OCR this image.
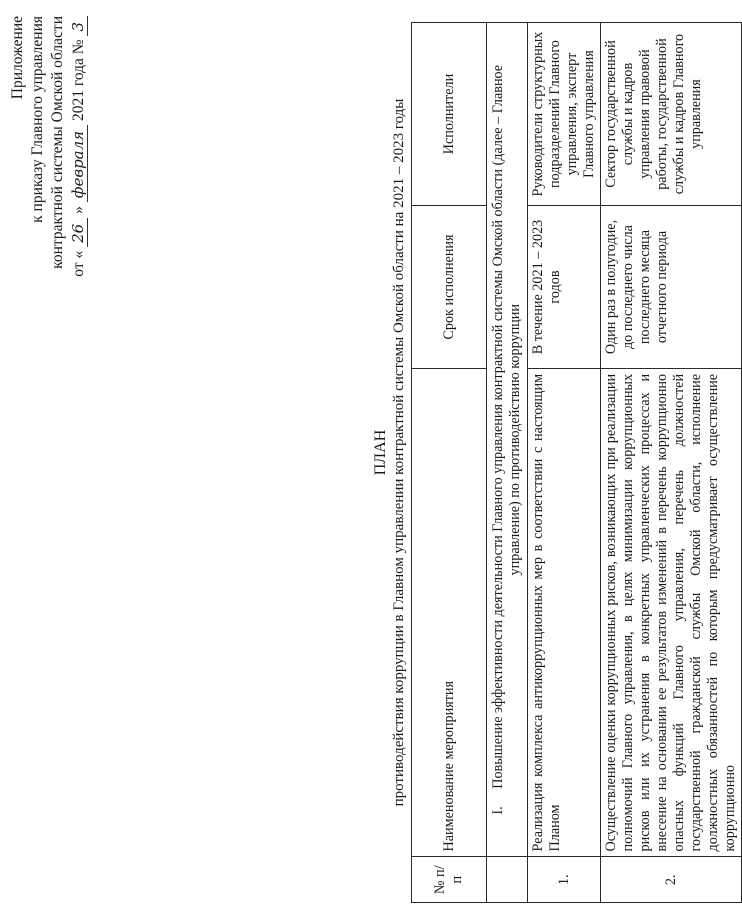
Приложение к приказу Главного управления контрактной системы Омской области от « 26 » февраля 2021 года № 3
ПЛАН противодействия коррупции в Главном управлении контрактной системы Омской области на 2021 – 2023 годы
№ п/п	Наименование мероприятия	Срок исполнения	Исполнители
	I. Повышение эффективности деятельности Главного управления контрактной системы Омской области (далее – Главное управление) по противодействию коррупции		
1.	Реализация комплекса антикоррупционных мер в соответствии с настоящим Планом	В течение 2021 – 2023 годов	Руководители структурных подразделений Главного управления, эксперт Главного управления
2.	Осуществление оценки коррупционных рисков, возникающих при реализации полномочий Главного управления, в целях минимизации коррупционных рисков или их устранения в конкретных управленческих процессах и внесение на основании ее результатов изменений в перечень коррупционно опасных функций Главного управления, перечень должностей государственной гражданской службы Омской области, исполнение должностных обязанностей по которым предусматривает осуществление коррупционно	Один раз в полугодие, до последнего числа последнего месяца отчетного периода	Сектор государственной службы и кадров управления правовой работы, государственной службы и кадров Главного управления
